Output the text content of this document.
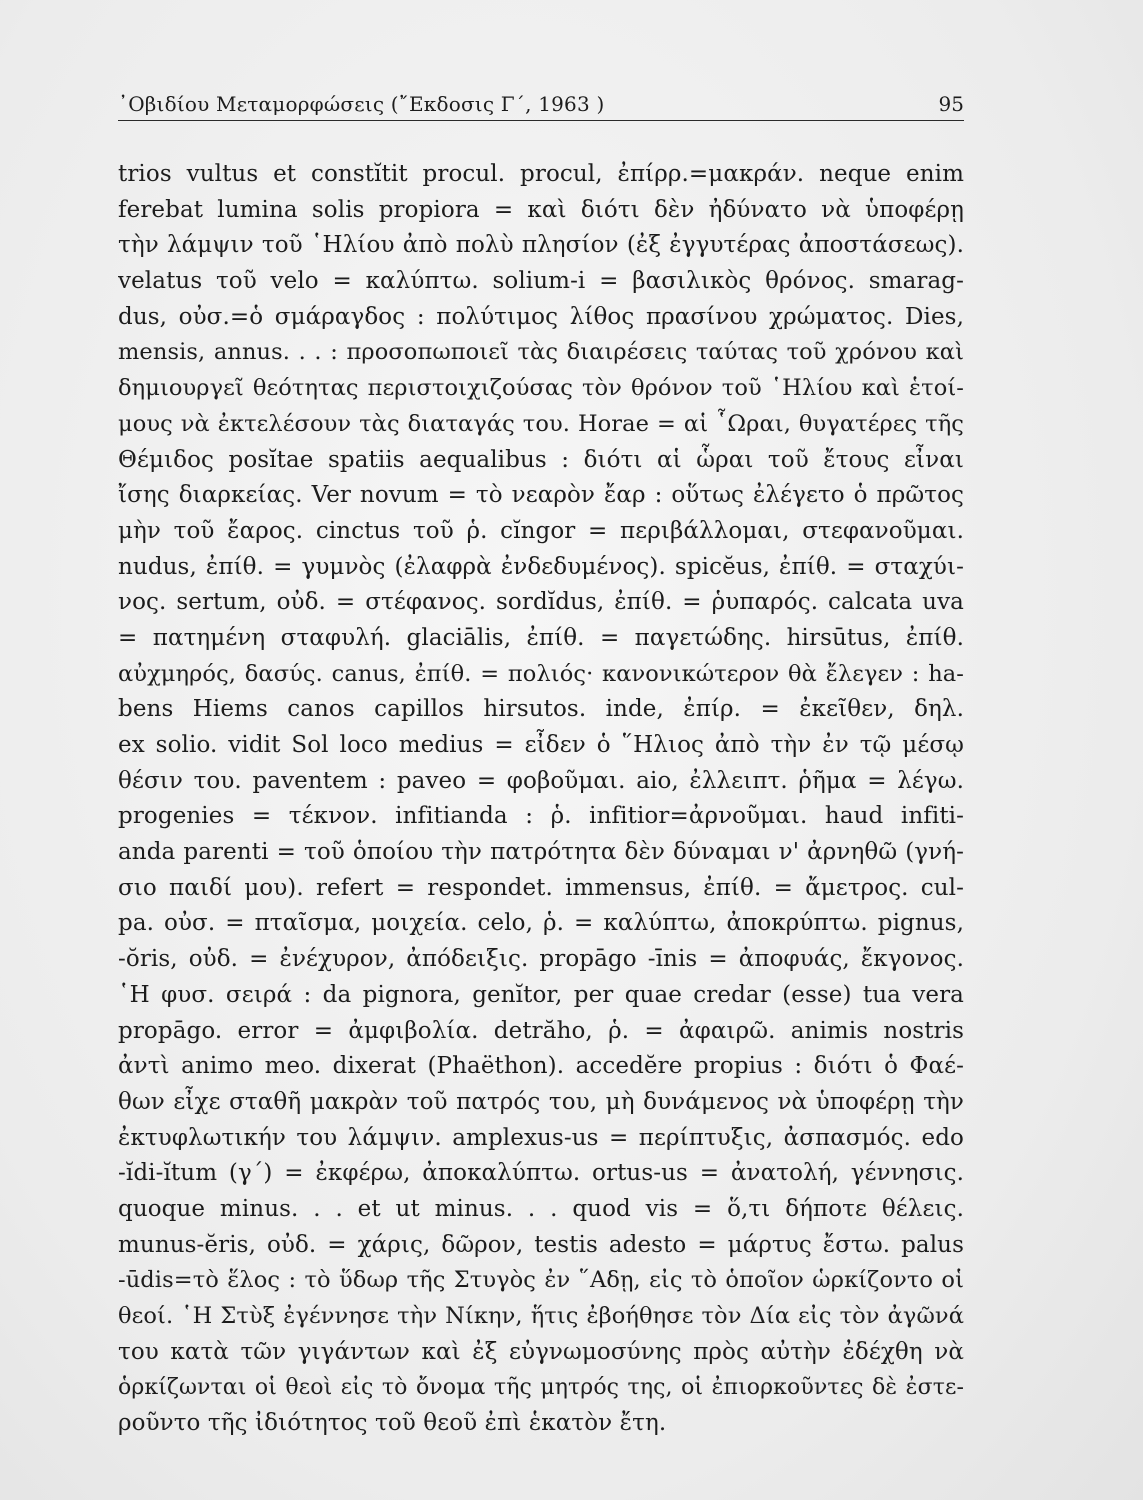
᾿Οβιδίου Μεταμορφώσεις (῎Εκδοσις Γ΄, 1963 )	95
trios vultus et constĭtit procul. procul, ἐπίρρ.=μακράν. neque enim
ferebat lumina solis propiora = καὶ διότι δὲν ἠδύνατο νὰ ὑποφέρῃ
τὴν λάμψιν τοῦ ῾Ηλίου ἀπὸ πολὺ πλησίον (ἐξ ἐγγυτέρας ἀποστάσεως).
velatus τοῦ velo = καλύπτω. solium-i = βασιλικὸς θρόνος. smarag-
dus, οὐσ.=ὁ σμάραγδος : πολύτιμος λίθος πρασίνου χρώματος. Dies,
mensis, annus. . . : προσοπωποιεῖ τὰς διαιρέσεις ταύτας τοῦ χρόνου καὶ
δημιουργεῖ θεότητας περιστοιχιζούσας τὸν θρόνον τοῦ ῾Ηλίου καὶ ἑτοί-
μους νὰ ἐκτελέσουν τὰς διαταγάς του. Horae = αἱ ῟Ωραι, θυγατέρες τῆς
Θέμιδος posĭtae spatiis aequalibus : διότι αἱ ὧραι τοῦ ἔτους εἶναι
ἴσης διαρκείας. Ver novum = τὸ νεαρὸν ἔαρ : οὕτως ἐλέγετο ὁ πρῶτος
μὴν τοῦ ἔαρος. cinctus τοῦ ῥ. cĭngor = περιβάλλομαι, στεφανοῦμαι.
nudus, ἐπίθ. = γυμνὸς (ἐλαφρὰ ἐνδεδυμένος). spicĕus, ἐπίθ. = σταχύι-
νος. sertum, οὐδ. = στέφανος. sordĭdus, ἐπίθ. = ῥυπαρός. calcata uva
= πατημένη σταφυλή. glaciālis, ἐπίθ. = παγετώδης. hirsūtus, ἐπίθ.
αὐχμηρός, δασύς. canus, ἐπίθ. = πολιός· κανονικώτερον θὰ ἔλεγεν : ha-
bens Hiems canos capillos hirsutos. inde, ἐπίρ. = ἐκεῖθεν, δηλ.
ex solio. vidit Sol loco medius = εἶδεν ὁ ῞Ηλιος ἀπὸ τὴν ἐν τῷ μέσῳ
θέσιν του. paventem : paveo = φοβοῦμαι. aio, ἐλλειπτ. ῥῆμα = λέγω.
progenies = τέκνον. infitianda : ῥ. infitior=ἀρνοῦμαι. haud infiti-
anda parenti = τοῦ ὁποίου τὴν πατρότητα δὲν δύναμαι ν' ἀρνηθῶ (γνή-
σιο παιδί μου). refert = respondet. immensus, ἐπίθ. = ἄμετρος. cul-
pa. οὐσ. = πταῖσμα, μοιχεία. celo, ῥ. = καλύπτω, ἀποκρύπτω. pignus,
-ŏris, οὐδ. = ἐνέχυρον, ἀπόδειξις. propāgo -īnis = ἀποφυάς, ἔκγονος.
῾Η φυσ. σειρά : da pignora, genĭtor, per quae credar (esse) tua vera
propāgo. error = ἀμφιβολία. detrăho, ῥ. = ἀφαιρῶ. animis nostris
ἀντὶ animo meo. dixerat (Phaëthon). accedĕre propius : διότι ὁ Φαέ-
θων εἶχε σταθῆ μακρὰν τοῦ πατρός του, μὴ δυνάμενος νὰ ὑποφέρῃ τὴν
ἐκτυφλωτικήν του λάμψιν. amplexus-us = περίπτυξις, ἀσπασμός. edo
-ĭdi-ĭtum (γ΄) = ἐκφέρω, ἀποκαλύπτω. ortus-us = ἀνατολή, γέννησις.
quoque minus. . . et ut minus. . . quod vis = ὅ,τι δήποτε θέλεις.
munus-ĕris, οὐδ. = χάρις, δῶρον, testis adesto = μάρτυς ἔστω. palus
-ūdis=τὸ ἕλος : τὸ ὕδωρ τῆς Στυγὸς ἐν ῞Αδῃ, εἰς τὸ ὁποῖον ὡρκίζοντο οἱ
θεοί. ῾Η Στὺξ ἐγέννησε τὴν Νίκην, ἥτις ἐβοήθησε τὸν Δία εἰς τὸν ἀγῶνά
του κατὰ τῶν γιγάντων καὶ ἐξ εὐγνωμοσύνης πρὸς αὐτὴν ἐδέχθη νὰ
ὁρκίζωνται οἱ θεοὶ εἰς τὸ ὄνομα τῆς μητρός της, οἱ ἐπιορκοῦντες δὲ ἐστε-
ροῦντο τῆς ἰδιότητος τοῦ θεοῦ ἐπὶ ἑκατὸν ἔτη.
